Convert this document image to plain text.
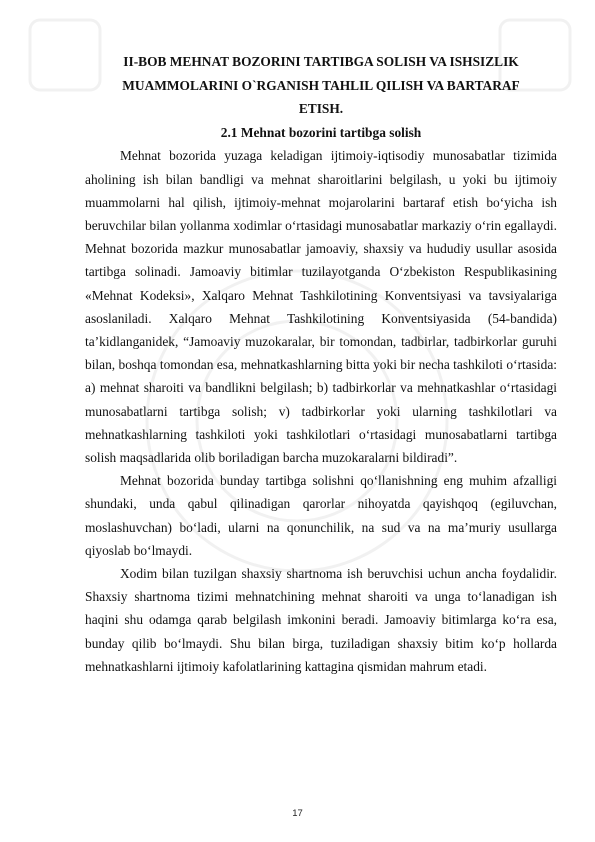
II-BOB MEHNAT BOZORINI TARTIBGA SOLISH VA ISHSIZLIK
MUAMMOLARINI O`RGANISH TAHLIL QILISH VA BARTARAF
ETISH.
2.1 Mehnat bozorini tartibga solish

Mehnat bozorida yuzaga keladigan ijtimoiy-iqtisodiy munosabatlar tizimida aholining ish bilan bandligi va mehnat sharoitlarini belgilash, u yoki bu ijtimoiy muammolarni hal qilish, ijtimoiy-mehnat mojarolarini bartaraf etish bo‘yicha ish beruvchilar bilan yollanma xodimlar o‘rtasidagi munosabatlar markaziy o‘rin egallaydi. Mehnat bozorida mazkur munosabatlar jamoaviy, shaxsiy va hududiy usullar asosida tartibga solinadi. Jamoaviy bitimlar tuzilayotganda O‘zbekiston Respublikasining «Mehnat Kodeksi», Xalqaro Mehnat Tashkilotining Konventsiyasi va tavsiyalariga asoslaniladi. Xalqaro Mehnat Tashkilotining Konventsiyasida (54-bandida) ta’kidlanganidek, “Jamoaviy muzokaralar, bir tomondan, tadbirlar, tadbirkorlar guruhi bilan, boshqa tomondan esa, mehnatkashlarning bitta yoki bir necha tashkiloti o‘rtasida: a) mehnat sharoiti va bandlikni belgilash; b) tadbirkorlar va mehnatkashlar o‘rtasidagi munosabatlarni tartibga solish; v) tadbirkorlar yoki ularning tashkilotlari va mehnatkashlarning tashkiloti yoki tashkilotlari o‘rtasidagi munosabatlarni tartibga solish maqsadlarida olib boriladigan barcha muzokaralarni bildiradi”.

Mehnat bozorida bunday tartibga solishni qo‘llanishning eng muhim afzalligi shundaki, unda qabul qilinadigan qarorlar nihoyatda qayishqoq (egiluvchan, moslashuvchan) bo‘ladi, ularni na qonunchilik, na sud va na ma’muriy usullarga qiyoslab bo‘lmaydi.

Xodim bilan tuzilgan shaxsiy shartnoma ish beruvchisi uchun ancha foydalidir. Shaxsiy shartnoma tizimi mehnatchining mehnat sharoiti va unga to‘lanadigan ish haqini shu odamga qarab belgilash imkonini beradi. Jamoaviy bitimlarga ko‘ra esa, bunday qilib bo‘lmaydi. Shu bilan birga, tuziladigan shaxsiy bitim ko‘p hollarda mehnatkashlarni ijtimoiy kafolatlarining kattagina qismidan mahrum etadi.

17
